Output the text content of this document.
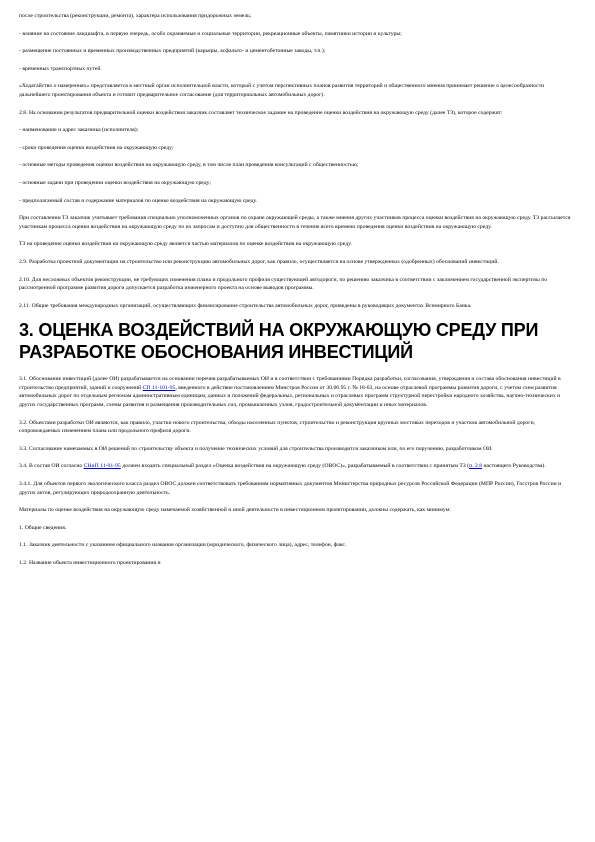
после строительства (реконструкции, ремонта), характера использования придорожных земель;

- влияние на состояние ландшафта, в первую очередь, особо охраняемые и социальные территории, рекреационные объекты, памятники истории и культуры;

- размещение постоянных и временных производственных предприятий (карьеры, асфальто- и цементобетонные заводы, т.п.);

- временных транспортных путей.

«Ходатайство о намерениях» представляется в местный орган исполнительной власти, который с учетом перспективных планов развития территорий и общественного мнения принимает решение о целесообразности дальнейшего проектирования объекта и готовит предварительное согласование (для территориальных автомобильных дорог).

2.8. На основании результатов предварительной оценки воздействия заказчик составляет техническое задание на проведение оценки воздействия на окружающую среду (далее ТЗ), которое содержит:

- наименование и адрес заказчика (исполнителя);

- сроки проведения оценки воздействия на окружающую среду;

- основные методы проведения оценки воздействия на окружающую среду, в том числе план проведения консультаций с общественностью;

- основные задачи при проведении оценки воздействия на окружающую среду;

- предполагаемый состав и содержание материалов по оценке воздействия на окружающую среду.

При составлении ТЗ заказчик учитывает требования специально уполномоченных органов по охране окружающей среды, а также мнения других участников процесса оценки воздействия на окружающую среду. ТЗ рассылается участникам процесса оценки воздействия на окружающую среду по их запросам и доступно для общественности в течение всего времени проведения оценки воздействия на окружающую среду.

ТЗ на проведение оценки воздействия на окружающую среду является частью материалов по оценке воздействия на окружающую среду.

2.9. Разработка проектной документации на строительство или реконструкцию автомобильных дорог, как правило, осуществляется на основе утвержденных (одобренных) обоснований инвестиций.

2.10. Для несложных объектов реконструкции, не требующих изменения плана и продольного профиля существующей автодороги, по решению заказчика в соответствии с заключением государственной экспертизы по рассмотренной программе развития дороги допускается разработка инженерного проекта на основе выводов программы.

2.11. Общие требования международных организаций, осуществляющих финансирование строительства автомобильных дорог, приведены в руководящих документах Всемирного Банка.

3. ОЦЕНКА ВОЗДЕЙСТВИЙ НА ОКРУЖАЮЩУЮ СРЕДУ ПРИ РАЗРАБОТКЕ ОБОСНОВАНИЯ ИНВЕСТИЦИЙ

3.1. Обоснование инвестиций (далее ОИ) разрабатывается на основании перечня разрабатываемых ОИ и в соответствии с требованиями Порядка разработки, согласования, утверждения и состава обоснования инвестиций в строительство предприятий, зданий и сооружений СП 11-101-95, введенного в действие постановлением Минстроя России от 30.06.95 г. № 18-63, на основе отраслевой программы развития дороги, с учетом схем развития автомобильных дорог по отдельным регионам административным единицам, данных и положений федеральных, региональных и отраслевых программ структурной перестройки народного хозяйства, научно-технических и других государственных программ, схемы развития и размещения производительных сил, промышленных узлов, градостроительной документации и иных материалов.

3.2. Объектами разработки ОИ являются, как правило, участки нового строительства, обходы населенных пунктов, строительство и реконструкция крупных мостовых переходов и участков автомобильной дороги, сопровождаемых изменением плана или продольного профиля дороги.

3.3. Согласование намечаемых в ОИ решений по строительству объекта и получение технических условий для строительства производится заказчиком или, по его поручению, разработчиком ОИ.

3.4. В состав ОИ согласно СНиП 11-01-95 должен входить специальный раздел «Оценка воздействия на окружающую среду (ОВОС)», разрабатываемый в соответствии с принятым ТЗ (п. 2.8 настоящего Руководства).

3.4.1. Для объектов первого экологического класса раздел ОВОС должен соответствовать требованиям нормативных документов Министерства природных ресурсов Российской Федерации (МПР России), Госстроя России и других актов, регулирующих природоохранную деятельность.

Материалы по оценке воздействия на окружающую среду намечаемой хозяйственной и иной деятельности в инвестиционном проектировании, должны содержать, как минимум:

1. Общие сведения.

1.1. Заказчик деятельности с указанием официального названия организации (юридического, физического лица), адрес, телефон, факс.

1.2. Название объекта инвестиционного проектирования и
